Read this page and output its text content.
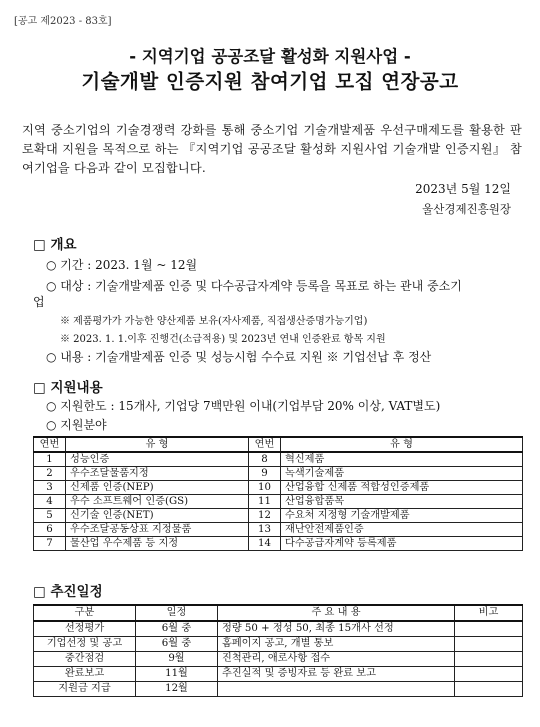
[공고 제2023 - 83호]
- 지역기업 공공조달 활성화 지원사업 -
기술개발 인증지원 참여기업 모집 연장공고
지역 중소기업의 기술경쟁력 강화를 통해 중소기업 기술개발제품 우선구매제도를 활용한 판로확대 지원을 목적으로 하는 『지역기업 공공조달 활성화 지원사업 기술개발 인증지원』 참여기업을 다음과 같이 모집합니다.
2023년 5월 12일
울산경제진흥원장
□ 개요
○ 기간 : 2023. 1월 ~ 12월
○ 대상 : 기술개발제품 인증 및 다수공급자계약 등록을 목표로 하는 관내 중소기
업
※ 제품평가가 가능한 양산제품 보유(자사제품, 직접생산증명가능기업)
※ 2023. 1. 1.이후 진행건(소급적용) 및 2023년 연내 인증완료 항목 지원
○ 내용 : 기술개발제품 인증 및 성능시험 수수료 지원 ※ 기업선납 후 정산
□ 지원내용
○ 지원한도 : 15개사, 기업당 7백만원 이내(기업부담 20% 이상, VAT별도)
○ 지원분야
연번	유 형	연번	유 형
1	성능인증	8	혁신제품
2	우수조달물품지정	9	녹색기술제품
3	신제품 인증(NEP)	10	산업융합 신제품 적합성인증제품
4	우수 소프트웨어 인증(GS)	11	산업융합품목
5	신기술 인증(NET)	12	수요처 지정형 기술개발제품
6	우수조달공동상표 지정물품	13	재난안전제품인증
7	물산업 우수제품 등 지정	14	다수공급자계약 등록제품
□ 추진일정
구분	일정	주 요 내 용	비고
선정평가	6월 중	정량 50 + 정성 50, 최종 15개사 선정	
기업선정 및 공고	6월 중	홈페이지 공고, 개별 통보	
중간점검	9월	진척관리, 애로사항 접수	
완료보고	11월	추진실적 및 증빙자료 등 완료 보고	
지원금 지급	12월		
